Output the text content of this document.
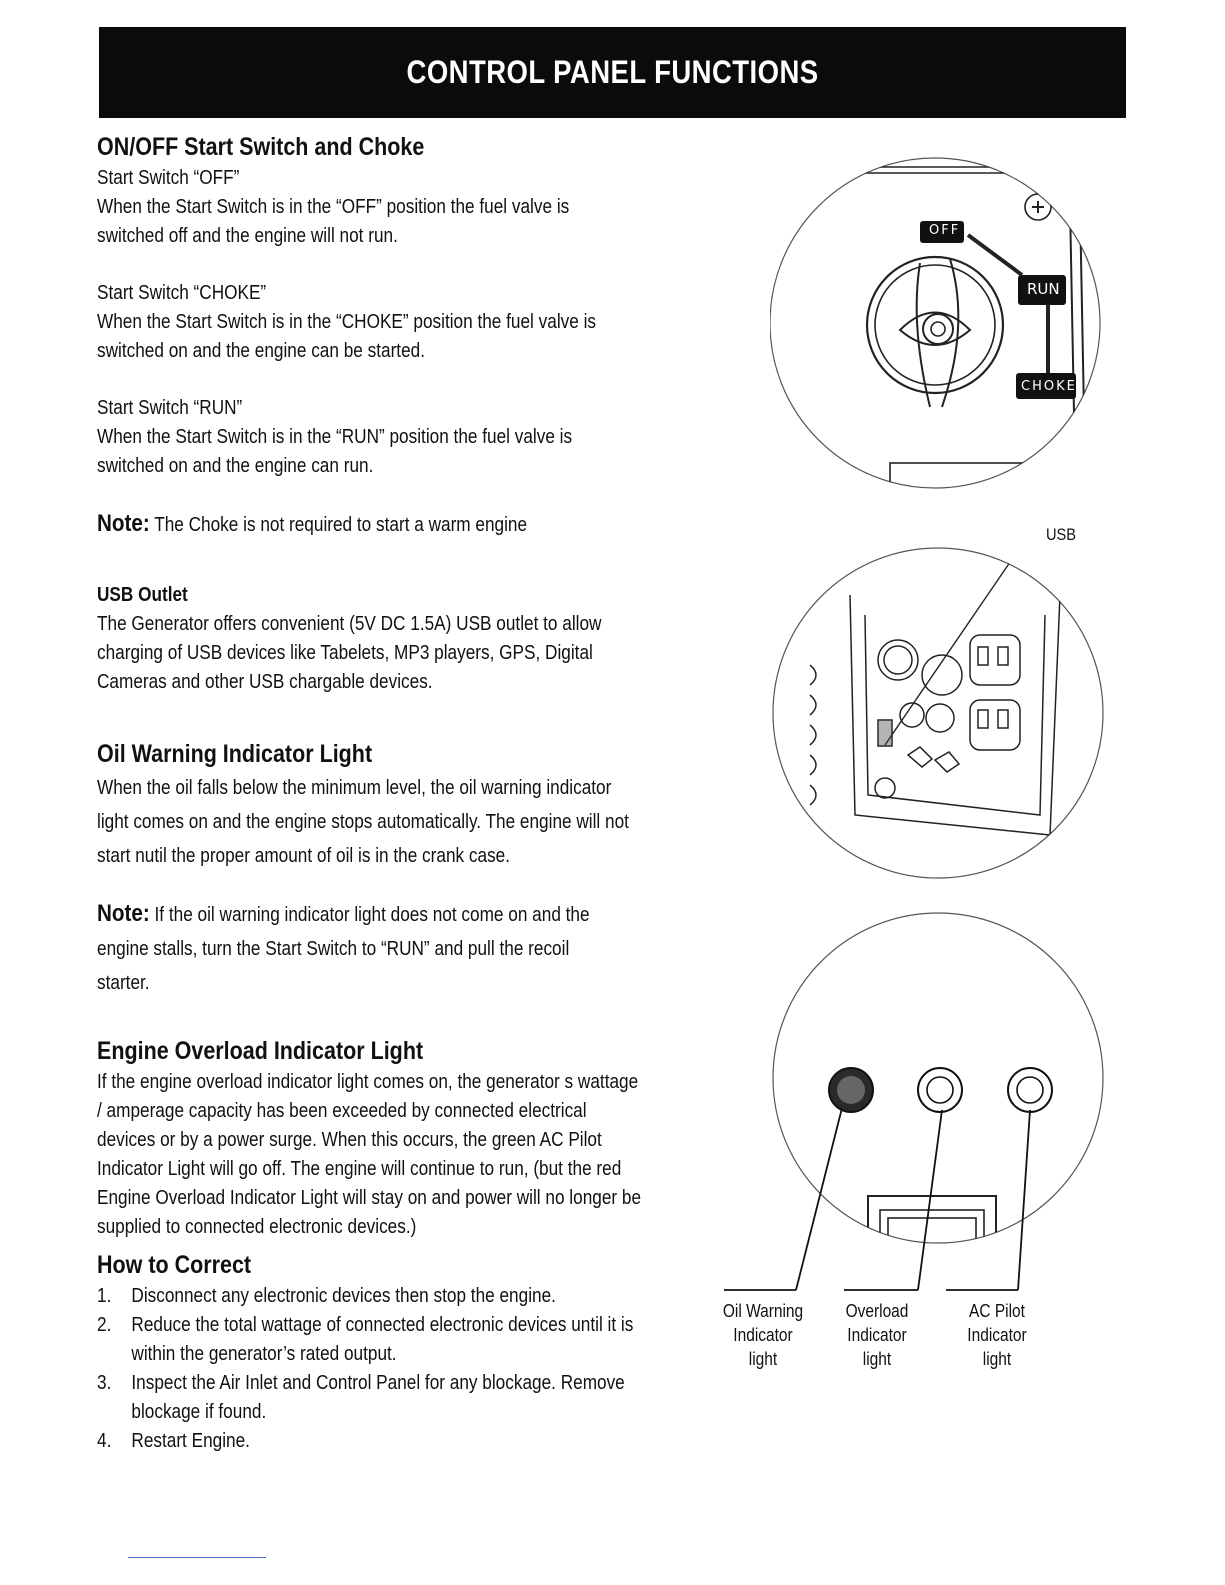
CONTROL PANEL FUNCTIONS
ON/OFF Start Switch and Choke
Start Switch “OFF”
When the Start Switch is in the “OFF” position the fuel valve is
switched off and the engine will not run.
Start Switch “CHOKE”
When the Start Switch is in the “CHOKE” position the fuel valve is
switched on and the engine can be started.
Start Switch “RUN”
When the Start Switch is in the “RUN” position the fuel valve is
switched on and the engine can run.
Note: The Choke is not required to start a warm engine
USB Outlet
The Generator offers convenient (5V DC 1.5A) USB outlet to allow
charging of USB devices like Tabelets, MP3 players, GPS, Digital
Cameras and other USB chargable devices.
Oil Warning Indicator Light
When the oil falls below the minimum level, the oil warning indicator
light comes on and the engine stops automatically. The engine will not
start nutil the proper amount of oil is in the crank case.
Note: If the oil warning indicator light does not come on and the
engine stalls, turn the Start Switch to “RUN” and pull the recoil
starter.
Engine Overload Indicator Light
If the engine overload indicator light comes on, the generator s wattage
/ amperage capacity has been exceeded by connected electrical
devices or by a power surge. When this occurs, the green AC Pilot
Indicator Light will go off. The engine will continue to run, (but the red
Engine Overload Indicator Light will stay on and power will no longer be
supplied to connected electronic devices.)
How to Correct
1. Disconnect any electronic devices then stop the engine.
2. Reduce the total wattage of connected electronic devices until it is
within the generator’s rated output.
3. Inspect the Air Inlet and Control Panel for any blockage. Remove
blockage if found.
4. Restart Engine.
OFF
RUN
CHOKE
USB
Oil Warning
Indicator
light
Overload
Indicator
light
AC Pilot
Indicator
light
